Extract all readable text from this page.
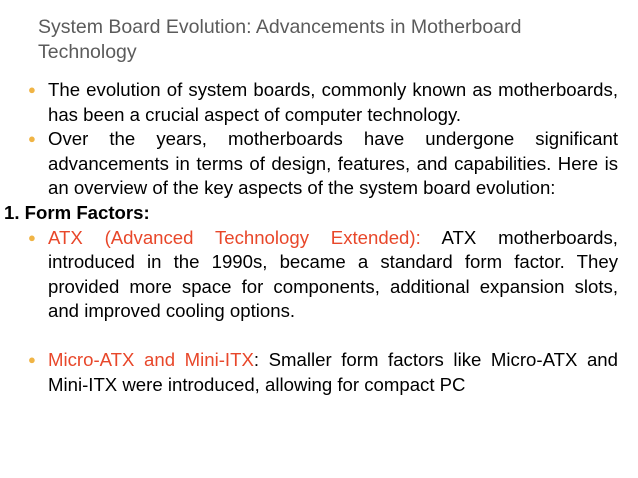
System Board Evolution: Advancements in Motherboard Technology
● The evolution of system boards, commonly known as motherboards, has been a crucial aspect of computer technology.
● Over the years, motherboards have undergone significant advancements in terms of design, features, and capabilities. Here is an overview of the key aspects of the system board evolution:

1. Form Factors:

● ATX (Advanced Technology Extended): ATX motherboards, introduced in the 1990s, became a standard form factor. They provided more space for components, additional expansion slots, and improved cooling options.
● Micro-ATX and Mini-ITX: Smaller form factors like Micro-ATX and Mini-ITX were introduced, allowing for compact PC
